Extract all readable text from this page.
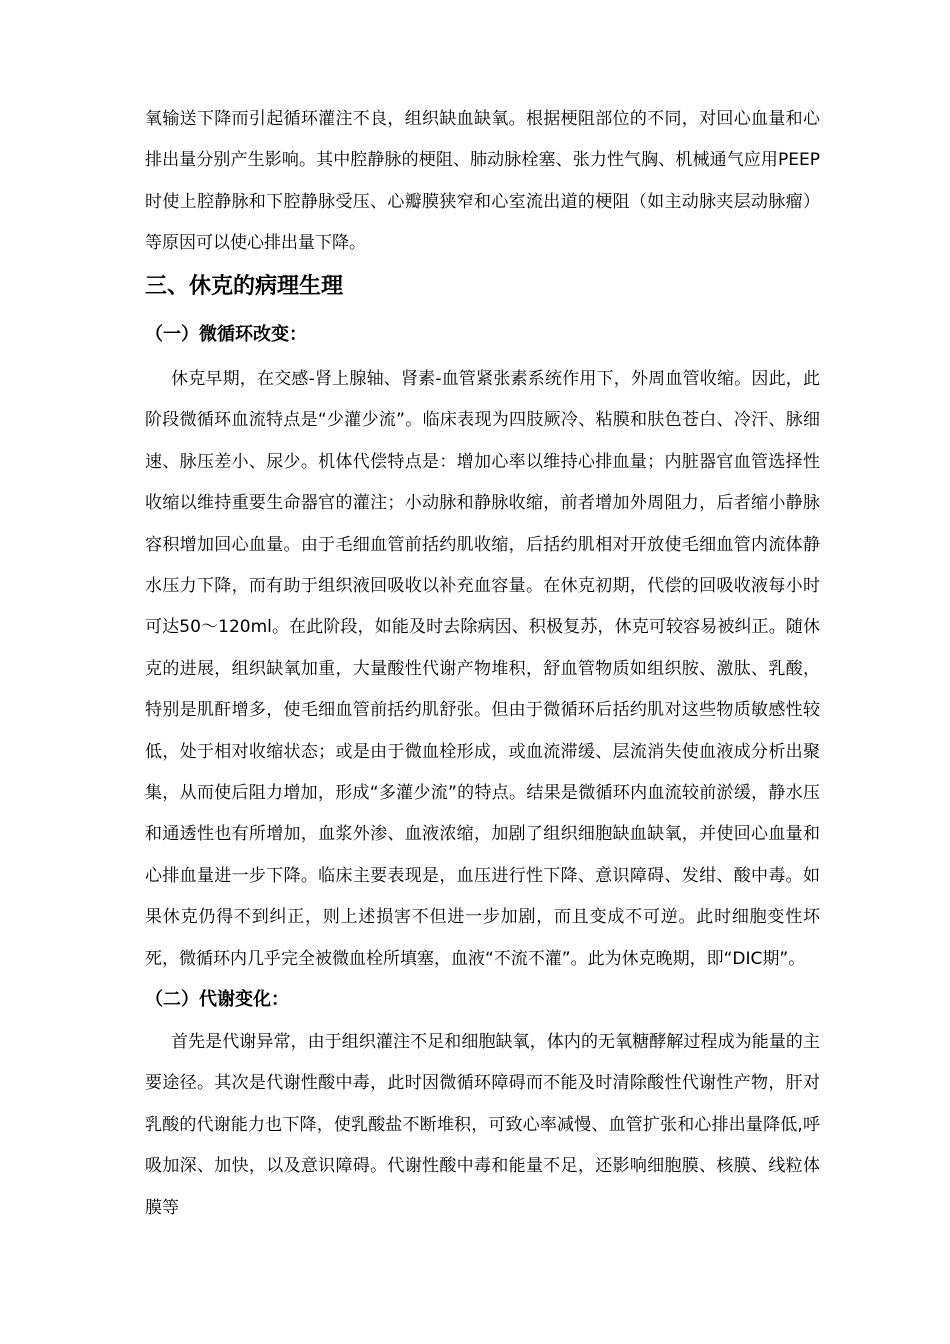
氧输送下降而引起循环灌注不良，组织缺血缺氧。根据梗阻部位的不同，对回心血量和心排出量分别产生影响。其中腔静脉的梗阻、肺动脉栓塞、张力性气胸、机械通气应用PEEP时使上腔静脉和下腔静脉受压、心瓣膜狭窄和心室流出道的梗阻（如主动脉夹层动脉瘤）等原因可以使心排出量下降。

三、休克的病理生理
（一）微循环改变：

休克早期，在交感-肾上腺轴、肾素-血管紧张素系统作用下，外周血管收缩。因此，此阶段微循环血流特点是“少灌少流”。临床表现为四肢厥冷、粘膜和肤色苍白、冷汗、脉细速、脉压差小、尿少。机体代偿特点是：增加心率以维持心排血量；内脏器官血管选择性收缩以维持重要生命器官的灌注；小动脉和静脉收缩，前者增加外周阻力，后者缩小静脉容积增加回心血量。由于毛细血管前括约肌收缩，后括约肌相对开放使毛细血管内流体静水压力下降，而有助于组织液回吸收以补充血容量。在休克初期，代偿的回吸收液每小时可达50～120ml。在此阶段，如能及时去除病因、积极复苏，休克可较容易被纠正。随休克的进展，组织缺氧加重，大量酸性代谢产物堆积，舒血管物质如组织胺、激肽、乳酸，特别是肌酐增多，使毛细血管前括约肌舒张。但由于微循环后括约肌对这些物质敏感性较低，处于相对收缩状态；或是由于微血栓形成，或血流滞缓、层流消失使血液成分析出聚集，从而使后阻力增加，形成“多灌少流”的特点。结果是微循环内血流较前淤缓，静水压和通透性也有所增加，血浆外渗、血液浓缩，加剧了组织细胞缺血缺氧，并使回心血量和心排血量进一步下降。临床主要表现是，血压进行性下降、意识障碍、发绀、酸中毒。如果休克仍得不到纠正，则上述损害不但进一步加剧，而且变成不可逆。此时细胞变性坏死，微循环内几乎完全被微血栓所填塞，血液“不流不灌”。此为休克晚期，即“DIC期”。

（二）代谢变化：

首先是代谢异常，由于组织灌注不足和细胞缺氧，体内的无氧糖酵解过程成为能量的主要途径。其次是代谢性酸中毒，此时因微循环障碍而不能及时清除酸性代谢性产物，肝对乳酸的代谢能力也下降，使乳酸盐不断堆积，可致心率减慢、血管扩张和心排出量降低,呼吸加深、加快，以及意识障碍。代谢性酸中毒和能量不足，还影响细胞膜、核膜、线粒体膜等
